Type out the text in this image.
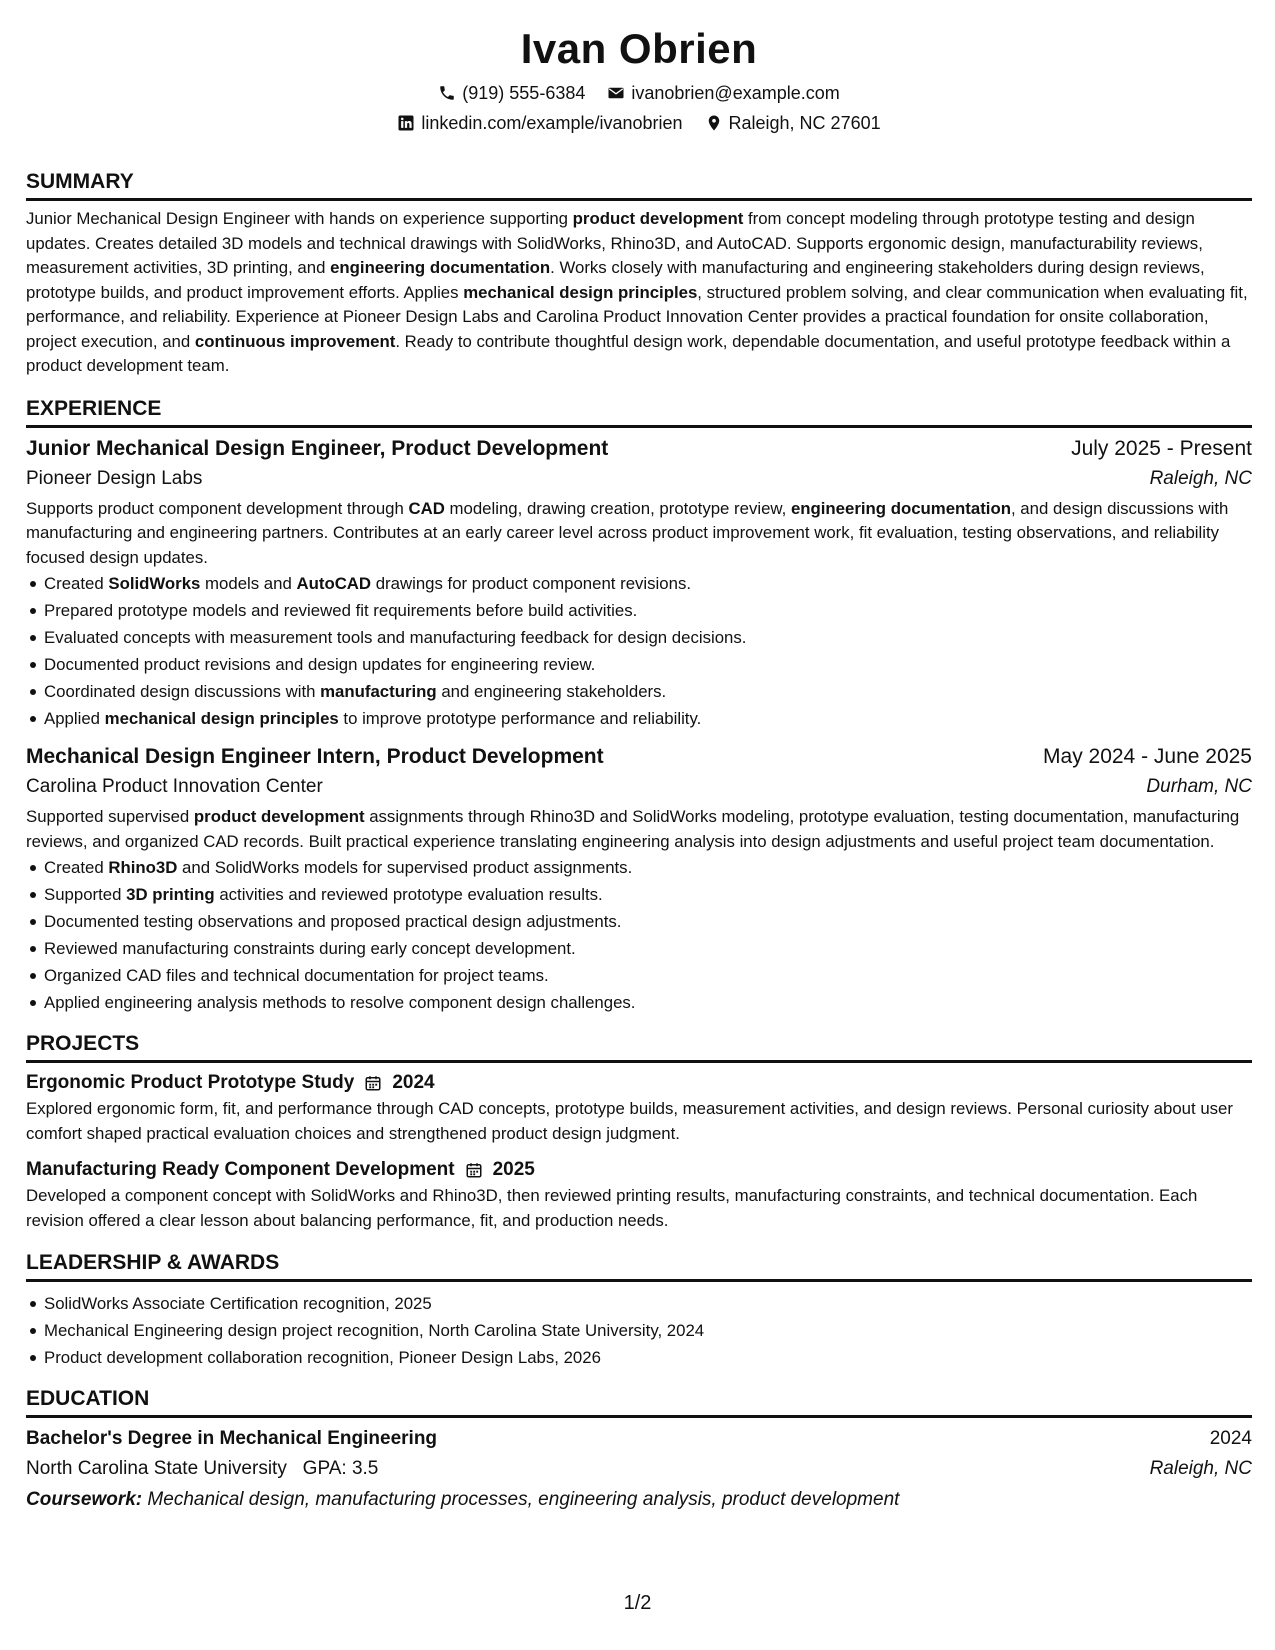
Ivan Obrien
(919) 555-6384	ivanobrien@example.com
linkedin.com/example/ivanobrien	Raleigh, NC 27601
SUMMARY
Junior Mechanical Design Engineer with hands on experience supporting product development from concept modeling through prototype testing and design updates. Creates detailed 3D models and technical drawings with SolidWorks, Rhino3D, and AutoCAD. Supports ergonomic design, manufacturability reviews, measurement activities, 3D printing, and engineering documentation. Works closely with manufacturing and engineering stakeholders during design reviews, prototype builds, and product improvement efforts. Applies mechanical design principles, structured problem solving, and clear communication when evaluating fit, performance, and reliability. Experience at Pioneer Design Labs and Carolina Product Innovation Center provides a practical foundation for onsite collaboration, project execution, and continuous improvement. Ready to contribute thoughtful design work, dependable documentation, and useful prototype feedback within a product development team.
EXPERIENCE
Junior Mechanical Design Engineer, Product Development	July 2025 - Present
Pioneer Design Labs	Raleigh, NC
Supports product component development through CAD modeling, drawing creation, prototype review, engineering documentation, and design discussions with manufacturing and engineering partners. Contributes at an early career level across product improvement work, fit evaluation, testing observations, and reliability focused design updates.
Created SolidWorks models and AutoCAD drawings for product component revisions.
Prepared prototype models and reviewed fit requirements before build activities.
Evaluated concepts with measurement tools and manufacturing feedback for design decisions.
Documented product revisions and design updates for engineering review.
Coordinated design discussions with manufacturing and engineering stakeholders.
Applied mechanical design principles to improve prototype performance and reliability.
Mechanical Design Engineer Intern, Product Development	May 2024 - June 2025
Carolina Product Innovation Center	Durham, NC
Supported supervised product development assignments through Rhino3D and SolidWorks modeling, prototype evaluation, testing documentation, manufacturing reviews, and organized CAD records. Built practical experience translating engineering analysis into design adjustments and useful project team documentation.
Created Rhino3D and SolidWorks models for supervised product assignments.
Supported 3D printing activities and reviewed prototype evaluation results.
Documented testing observations and proposed practical design adjustments.
Reviewed manufacturing constraints during early concept development.
Organized CAD files and technical documentation for project teams.
Applied engineering analysis methods to resolve component design challenges.
PROJECTS
Ergonomic Product Prototype Study 2024
Explored ergonomic form, fit, and performance through CAD concepts, prototype builds, measurement activities, and design reviews. Personal curiosity about user comfort shaped practical evaluation choices and strengthened product design judgment.
Manufacturing Ready Component Development 2025
Developed a component concept with SolidWorks and Rhino3D, then reviewed printing results, manufacturing constraints, and technical documentation. Each revision offered a clear lesson about balancing performance, fit, and production needs.
LEADERSHIP & AWARDS
SolidWorks Associate Certification recognition, 2025
Mechanical Engineering design project recognition, North Carolina State University, 2024
Product development collaboration recognition, Pioneer Design Labs, 2026
EDUCATION
Bachelor's Degree in Mechanical Engineering	2024
North Carolina State University GPA: 3.5	Raleigh, NC
Coursework: Mechanical design, manufacturing processes, engineering analysis, product development
1/2
